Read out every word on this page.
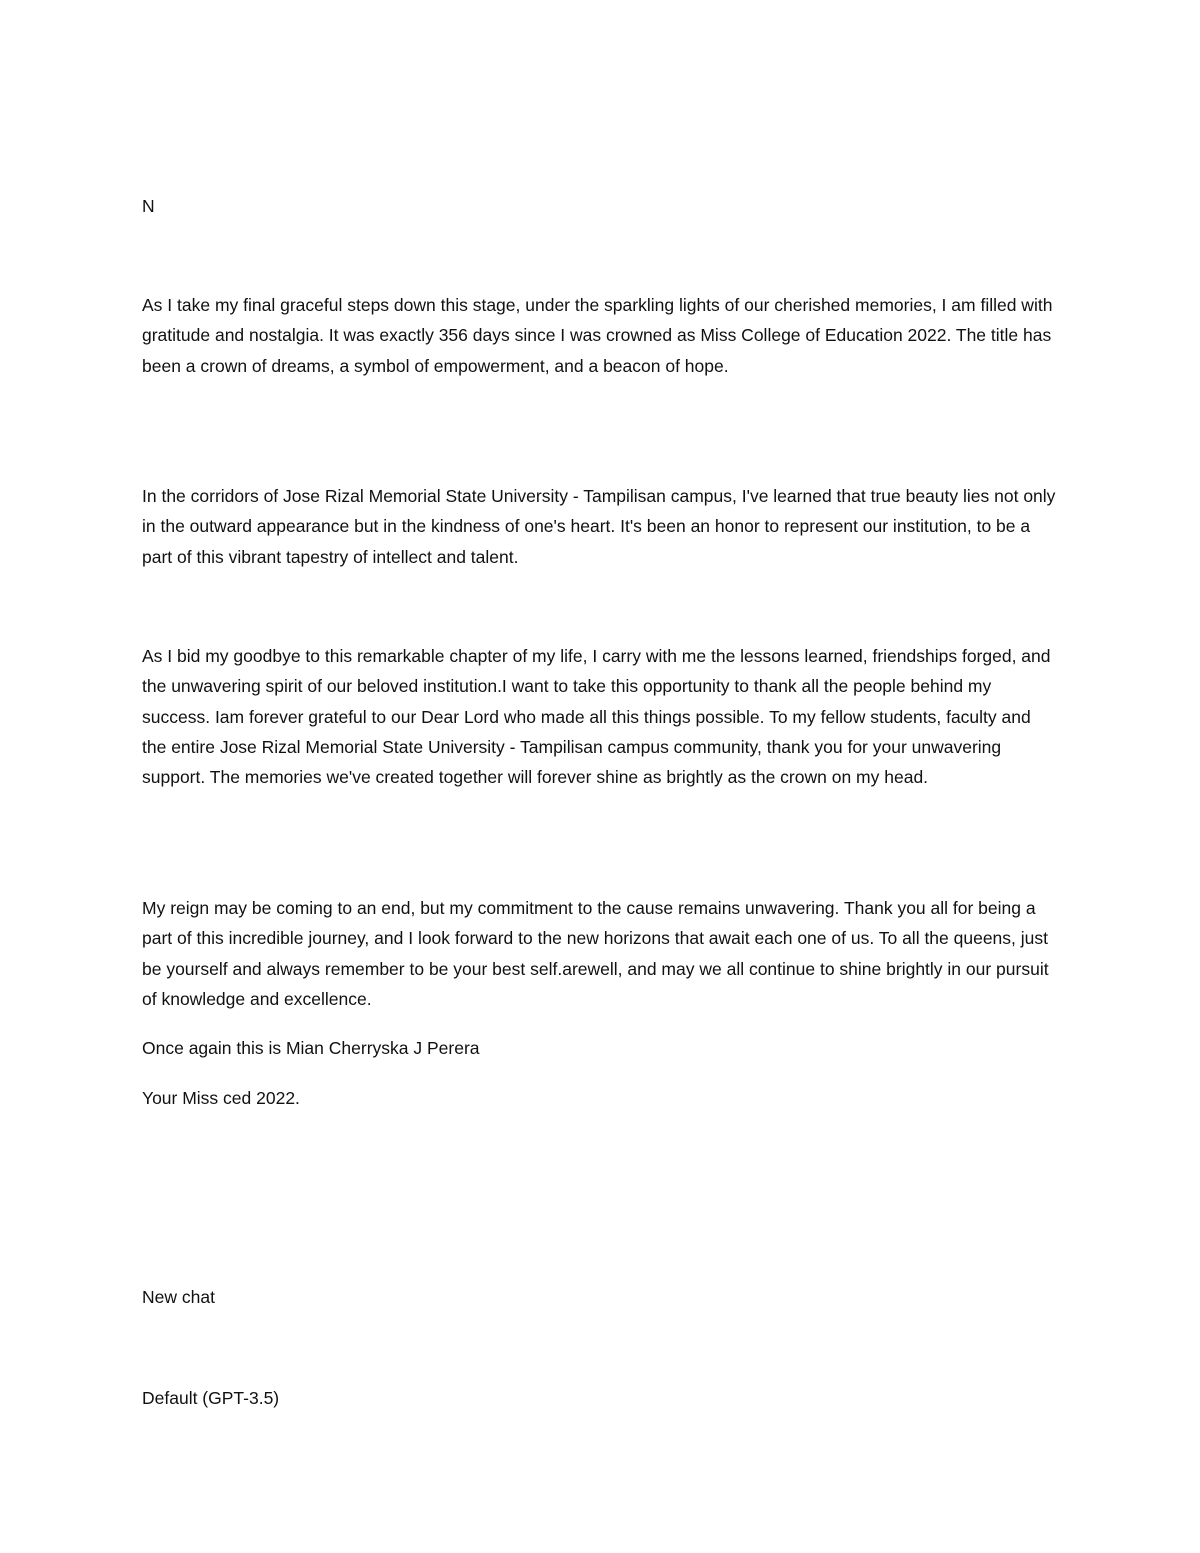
N

As I take my final graceful steps down this stage, under the sparkling lights of our cherished memories, I am filled with gratitude and nostalgia. It was exactly 356 days since I was crowned as Miss College of Education 2022. The title has been a crown of dreams, a symbol of empowerment, and a beacon of hope.

In the corridors of Jose Rizal Memorial State University - Tampilisan campus, I've learned that true beauty lies not only in the outward appearance but in the kindness of one's heart. It's been an honor to represent our institution, to be a part of this vibrant tapestry of intellect and talent.

As I bid my goodbye to this remarkable chapter of my life, I carry with me the lessons learned, friendships forged, and the unwavering spirit of our beloved institution.I want to take this opportunity to thank all the people behind my success. Iam forever grateful to our Dear Lord who made all this things possible. To my fellow students, faculty and the entire Jose Rizal Memorial State University - Tampilisan campus community, thank you for your unwavering support. The memories we've created together will forever shine as brightly as the crown on my head.

My reign may be coming to an end, but my commitment to the cause remains unwavering. Thank you all for being a part of this incredible journey, and I look forward to the new horizons that await each one of us. To all the queens, just be yourself and always remember to be your best self.arewell, and may we all continue to shine brightly in our pursuit of knowledge and excellence.

Once again this is Mian Cherryska J Perera

Your Miss ced 2022.

New chat

Default (GPT-3.5)
